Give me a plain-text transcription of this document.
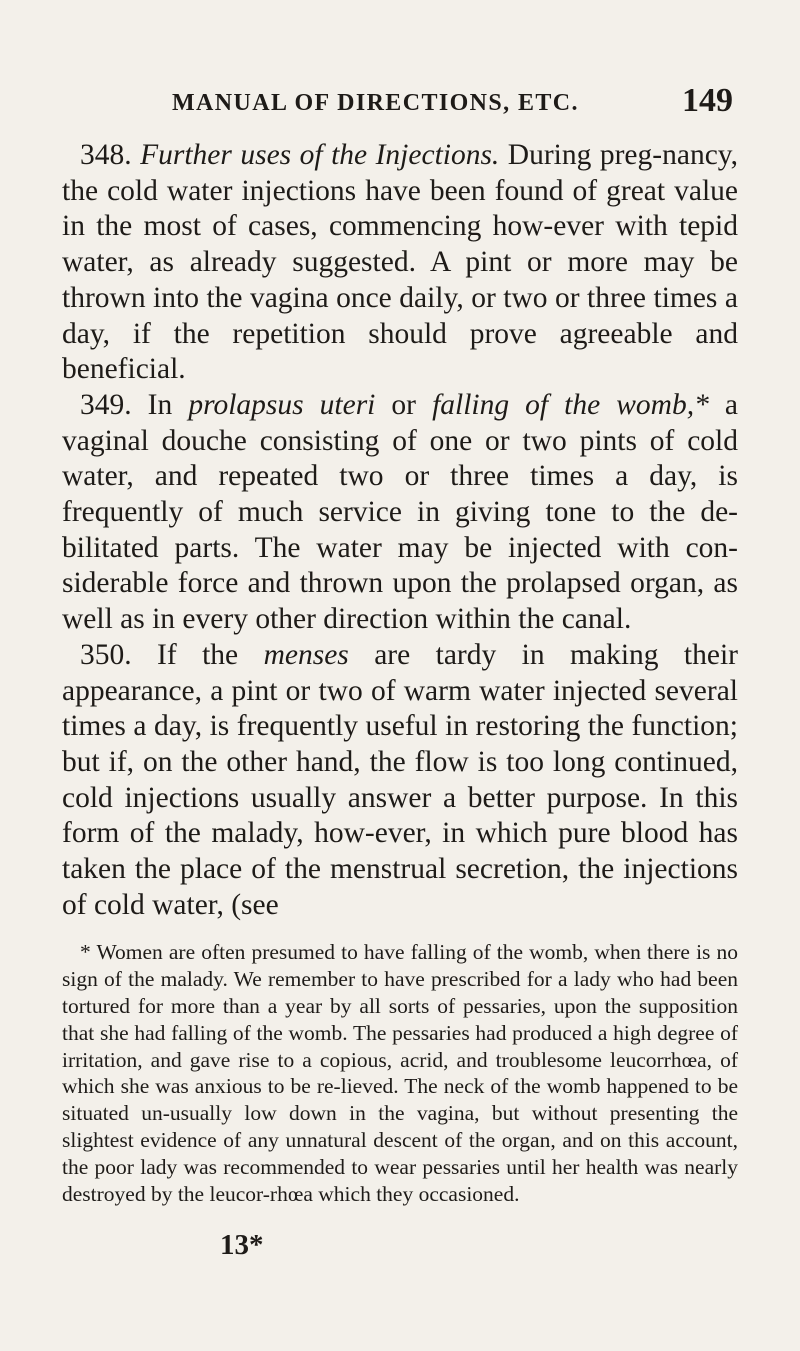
MANUAL OF DIRECTIONS, ETC.	149

348. Further uses of the Injections. During preg-nancy, the cold water injections have been found of great value in the most of cases, commencing how-ever with tepid water, as already suggested. A pint or more may be thrown into the vagina once daily, or two or three times a day, if the repetition should prove agreeable and beneficial.

349. In prolapsus uteri or falling of the womb,* a vaginal douche consisting of one or two pints of cold water, and repeated two or three times a day, is frequently of much service in giving tone to the de-bilitated parts. The water may be injected with con-siderable force and thrown upon the prolapsed organ, as well as in every other direction within the canal.

350. If the menses are tardy in making their appearance, a pint or two of warm water injected several times a day, is frequently useful in restoring the function; but if, on the other hand, the flow is too long continued, cold injections usually answer a better purpose. In this form of the malady, how-ever, in which pure blood has taken the place of the menstrual secretion, the injections of cold water, (see

* Women are often presumed to have falling of the womb, when there is no sign of the malady. We remember to have prescribed for a lady who had been tortured for more than a year by all sorts of pessaries, upon the supposition that she had falling of the womb. The pessaries had produced a high degree of irritation, and gave rise to a copious, acrid, and troublesome leucorrhœa, of which she was anxious to be re-lieved. The neck of the womb happened to be situated un-usually low down in the vagina, but without presenting the slightest evidence of any unnatural descent of the organ, and on this account, the poor lady was recommended to wear pessaries until her health was nearly destroyed by the leucor-rhœa which they occasioned.

13*
